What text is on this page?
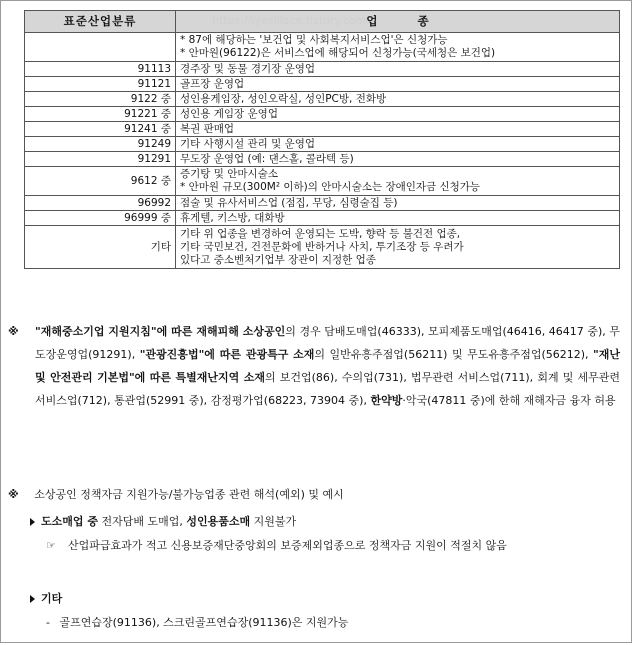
표준산업분류	업          종

	* 87에 해당하는 '보건업 및 사회복지서비스업'은 신청가능
* 안마원(96122)은 서비스업에 해당되어 신청가능(국세청은 보건업)

91113	경주장 및 동물 경기장 운영업

91121	골프장 운영업

9122 중	성인용게임장, 성인오락실, 성인PC방, 전화방

91221 중	성인용 게임장 운영업

91241 중	복권 판매업

91249	기타 사행시설 관리 및 운영업

91291	무도장 운영업 (예: 댄스홀, 콜라텍 등)

9612 중	증기탕 및 안마시술소
* 안마원 규모(300M² 이하)의 안마시술소는 장애인자금 신청가능

96992	점술 및 유사서비스업 (점집, 무당, 심령술집 등)

96999 중	휴게텔, 키스방, 대화방

기타	기타 위 업종을 변경하여 운영되는 도박, 향락 등 불건전 업종,
기타 국민보건, 건전문화에 반하거나 사치, 투기조장 등 우려가
있다고 중소벤처기업부 장관이 지정한 업종
https://iyesillace.tistory.com
※ "재해중소기업 지원지침"에 따른 재해피해 소상공인의 경우 담배도매업(46333), 모피제품도매업(46416, 46417 중), 무도장운영업(91291), "관광진흥법"에 따른 관광특구 소재의 일반유흥주점업(56211) 및 무도유흥주점업(56212), "재난 및 안전관리 기본법"에 따른 특별재난지역 소재의 보건업(86), 수의업(731), 법무관련 서비스업(711), 회계 및 세무관련 서비스업(712), 통관업(52991 중), 감정평가업(68223, 73904 중), 한약방·악국(47811 중)에 한해 재해자금 융자 허용
※ 소상공인 정책자금 지원가능/불가능업종 관련 해석(예외) 및 예시
도소매업 중 전자담배 도매업, 성인용품소매 지원불가
☞ 산업파급효과가 적고 신용보증재단중앙회의 보증제외업종으로 정책자금 지원이 적절치 않음
기타
- 골프연습장(91136), 스크린골프연습장(91136)은 지원가능
